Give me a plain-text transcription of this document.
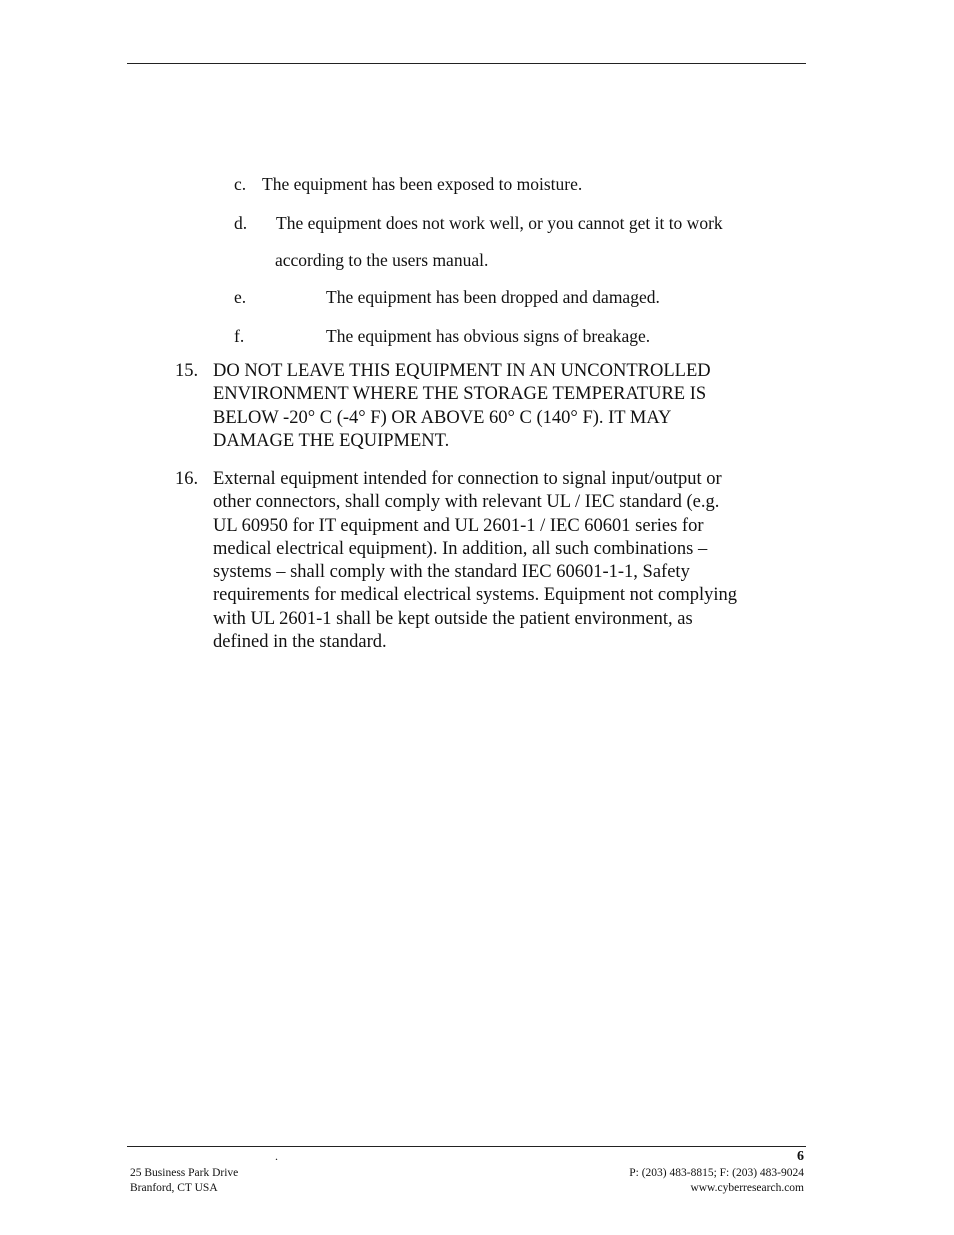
c. The equipment has been exposed to moisture.
d. The equipment does not work well, or you cannot get it to work
according to the users manual.
e.	The equipment has been dropped and damaged.
f.	The equipment has obvious signs of breakage.
15. DO NOT LEAVE THIS EQUIPMENT IN AN UNCONTROLLED
ENVIRONMENT WHERE THE STORAGE TEMPERATURE IS
BELOW -20° C (-4° F) OR ABOVE 60° C (140° F). IT MAY
DAMAGE THE EQUIPMENT.
16. External equipment intended for connection to signal input/output or
other connectors, shall comply with relevant UL / IEC standard (e.g.
UL 60950 for IT equipment and UL 2601-1 / IEC 60601 series for
medical electrical equipment). In addition, all such combinations –
systems – shall comply with the standard IEC 60601-1-1, Safety
requirements for medical electrical systems. Equipment not complying
with UL 2601-1 shall be kept outside the patient environment, as
defined in the standard.
.	6
25 Business Park Drive
Branford, CT USA
P: (203) 483-8815; F: (203) 483-9024
www.cyberresearch.com
